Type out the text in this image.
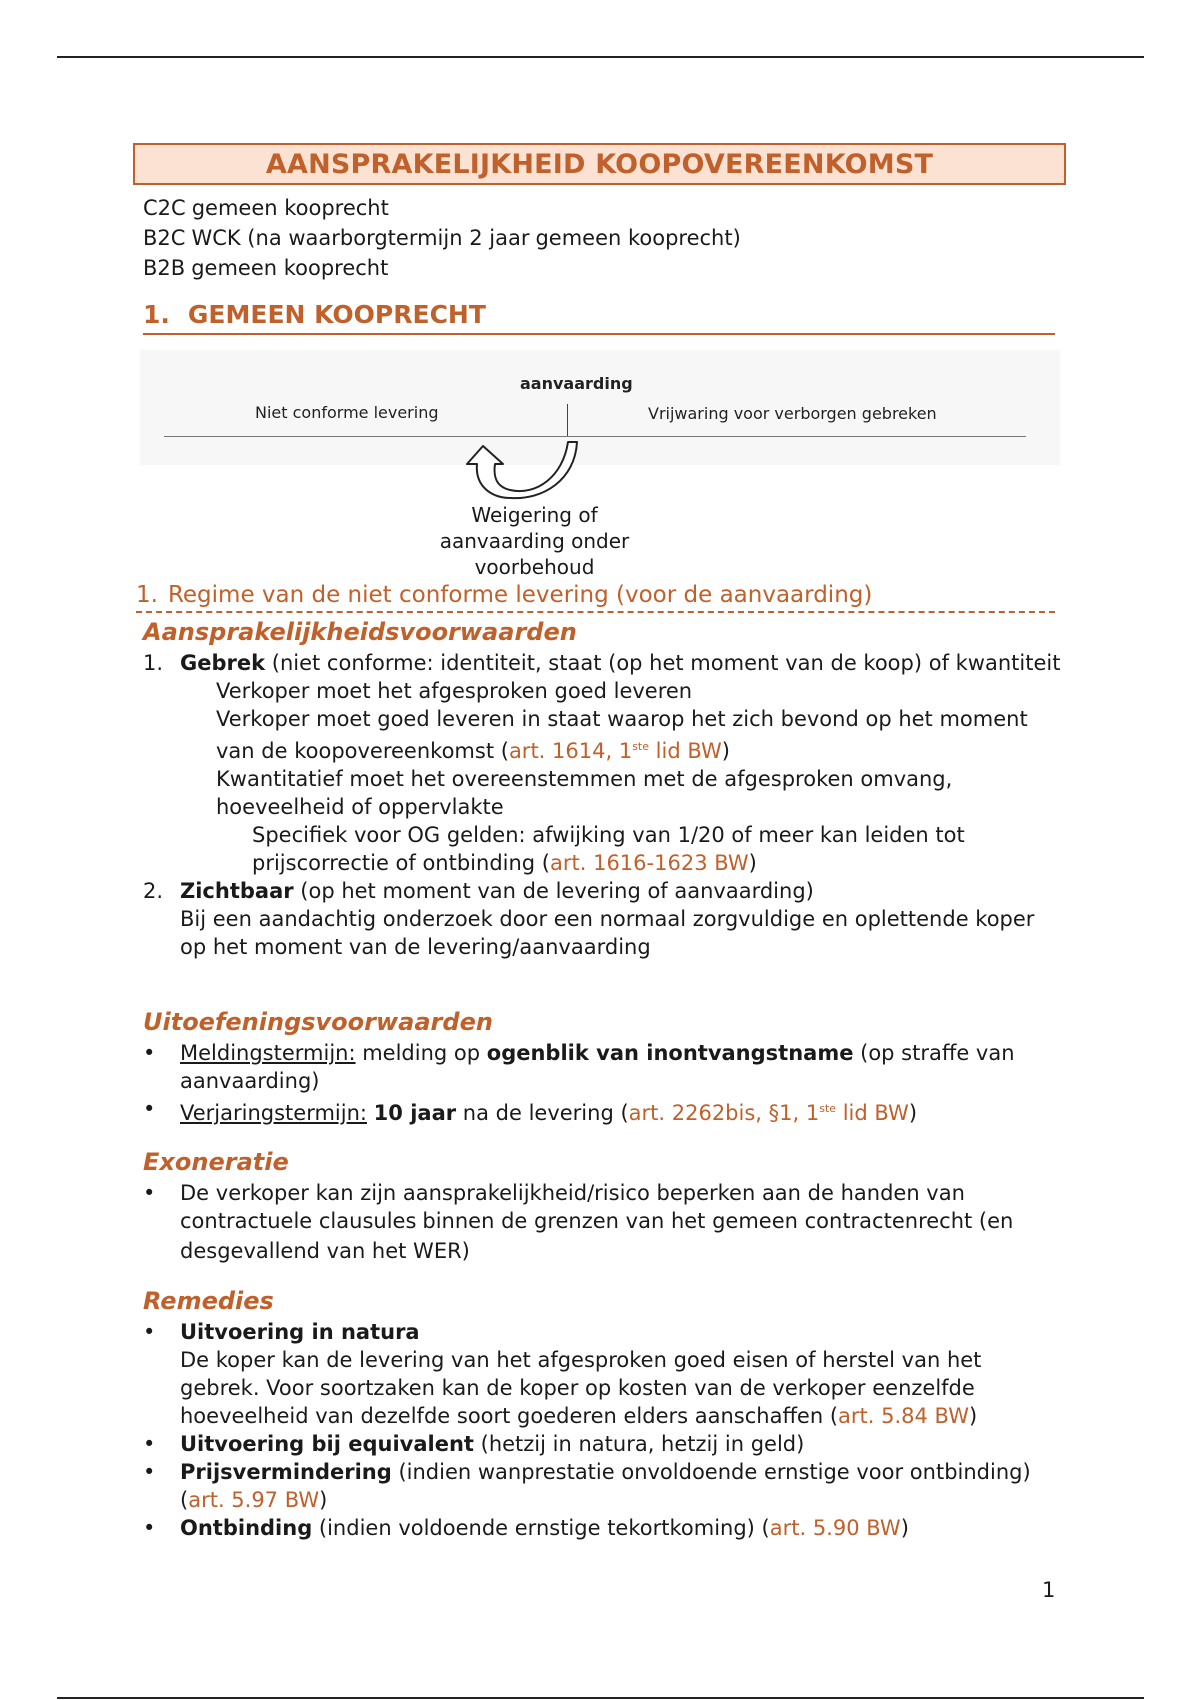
AANSPRAKELIJKHEID KOOPOVEREENKOMST
C2C gemeen kooprecht
B2C WCK (na waarborgtermijn 2 jaar gemeen kooprecht)
B2B gemeen kooprecht
1. GEMEEN KOOPRECHT
aanvaarding
Niet conforme levering	Vrijwaring voor verborgen gebreken
Weigering of aanvaarding onder voorbehoud
1. Regime van de niet conforme levering (voor de aanvaarding)
Aansprakelijkheidsvoorwaarden
1. Gebrek (niet conforme: identiteit, staat (op het moment van de koop) of kwantiteit
Verkoper moet het afgesproken goed leveren
Verkoper moet goed leveren in staat waarop het zich bevond op het moment van de koopovereenkomst (art. 1614, 1ste lid BW)
Kwantitatief moet het overeenstemmen met de afgesproken omvang, hoeveelheid of oppervlakte
Specifiek voor OG gelden: afwijking van 1/20 of meer kan leiden tot prijscorrectie of ontbinding (art. 1616-1623 BW)
2. Zichtbaar (op het moment van de levering of aanvaarding)
Bij een aandachtig onderzoek door een normaal zorgvuldige en oplettende koper op het moment van de levering/aanvaarding
Uitoefeningsvoorwaarden
• Meldingstermijn: melding op ogenblik van inontvangstname (op straffe van aanvaarding)
• Verjaringstermijn: 10 jaar na de levering (art. 2262bis, §1, 1ste lid BW)
Exoneratie
• De verkoper kan zijn aansprakelijkheid/risico beperken aan de handen van contractuele clausules binnen de grenzen van het gemeen contractenrecht (en desgevallend van het WER)
Remedies
• Uitvoering in natura
De koper kan de levering van het afgesproken goed eisen of herstel van het gebrek. Voor soortzaken kan de koper op kosten van de verkoper eenzelfde hoeveelheid van dezelfde soort goederen elders aanschaffen (art. 5.84 BW)
• Uitvoering bij equivalent (hetzij in natura, hetzij in geld)
• Prijsvermindering (indien wanprestatie onvoldoende ernstige voor ontbinding) (art. 5.97 BW)
• Ontbinding (indien voldoende ernstige tekortkoming) (art. 5.90 BW)
1
